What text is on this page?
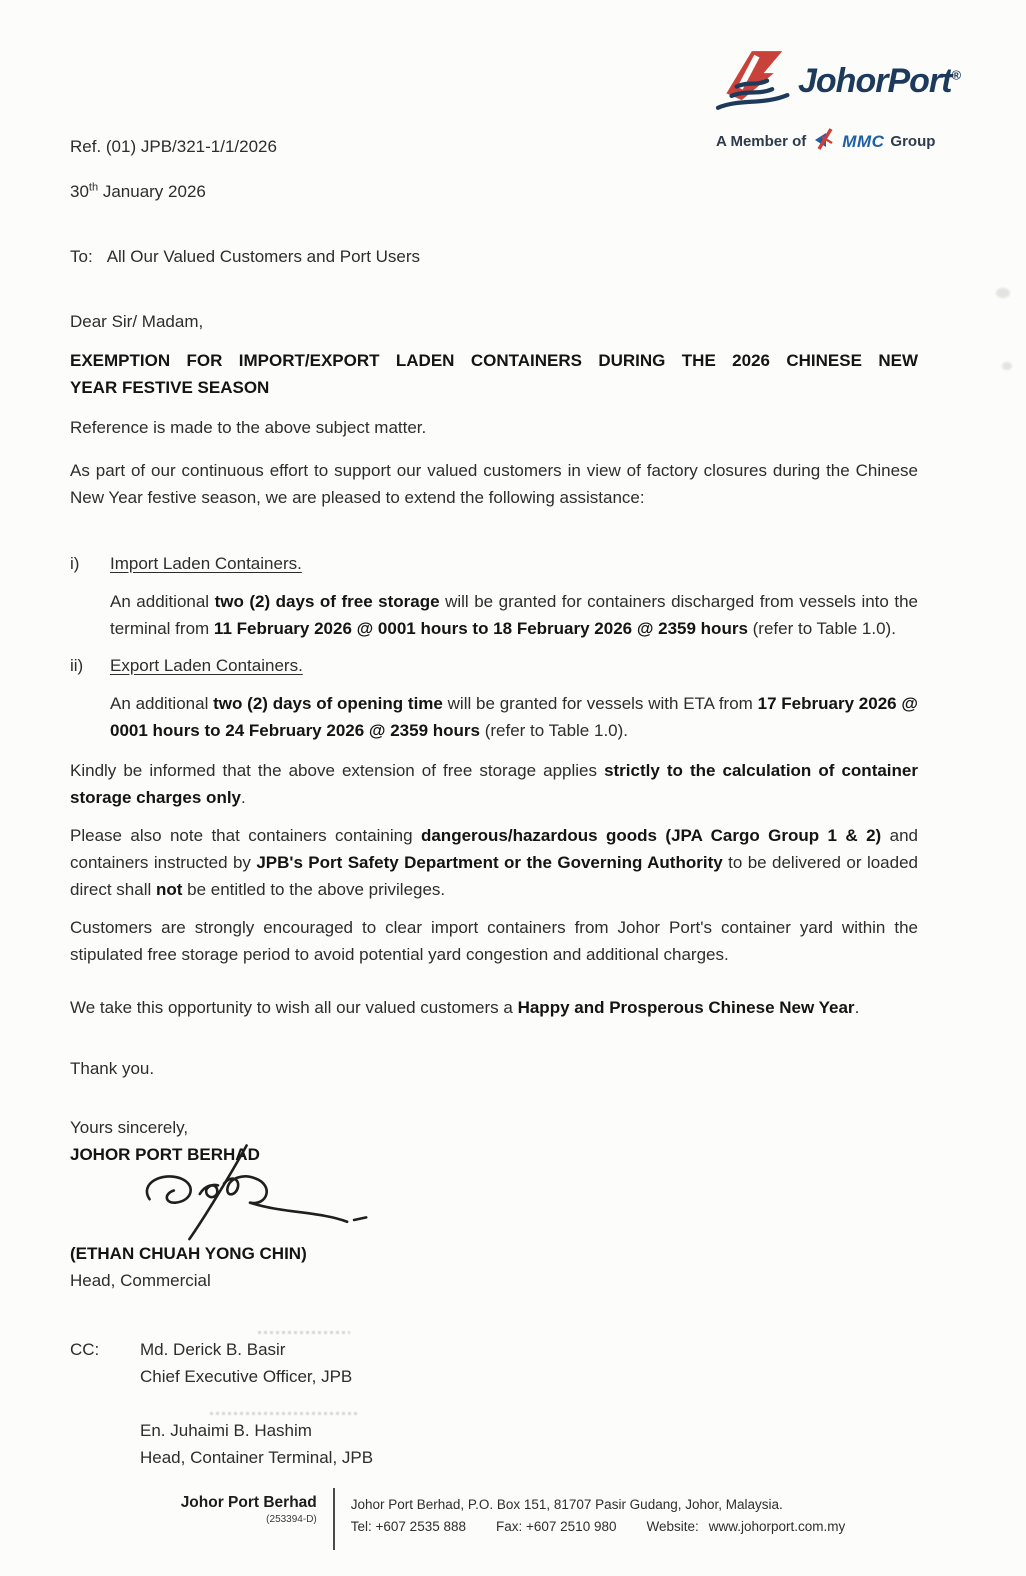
JohorPort®
A Member of MMC Group
Ref. (01) JPB/321-1/1/2026
30th January 2026
To: All Our Valued Customers and Port Users
Dear Sir/ Madam,
EXEMPTION FOR IMPORT/EXPORT LADEN CONTAINERS DURING THE 2026 CHINESE NEW
YEAR FESTIVE SEASON
Reference is made to the above subject matter.
As part of our continuous effort to support our valued customers in view of factory closures during the Chinese New Year festive season, we are pleased to extend the following assistance:
i)	Import Laden Containers.
An additional two (2) days of free storage will be granted for containers discharged from vessels into the terminal from 11 February 2026 @ 0001 hours to 18 February 2026 @ 2359 hours (refer to Table 1.0).
ii)	Export Laden Containers.
An additional two (2) days of opening time will be granted for vessels with ETA from 17 February 2026 @ 0001 hours to 24 February 2026 @ 2359 hours (refer to Table 1.0).
Kindly be informed that the above extension of free storage applies strictly to the calculation of container storage charges only.
Please also note that containers containing dangerous/hazardous goods (JPA Cargo Group 1 & 2) and containers instructed by JPB's Port Safety Department or the Governing Authority to be delivered or loaded direct shall not be entitled to the above privileges.
Customers are strongly encouraged to clear import containers from Johor Port's container yard within the stipulated free storage period to avoid potential yard congestion and additional charges.
We take this opportunity to wish all our valued customers a Happy and Prosperous Chinese New Year.
Thank you.
Yours sincerely,
JOHOR PORT BERHAD
(ETHAN CHUAH YONG CHIN)
Head, Commercial
CC:	Md. Derick B. Basir
Chief Executive Officer, JPB
En. Juhaimi B. Hashim
Head, Container Terminal, JPB
Johor Port Berhad
(253394-D)
Johor Port Berhad, P.O. Box 151, 81707 Pasir Gudang, Johor, Malaysia.
Tel: +607 2535 888 Fax: +607 2510 980 Website: www.johorport.com.my
